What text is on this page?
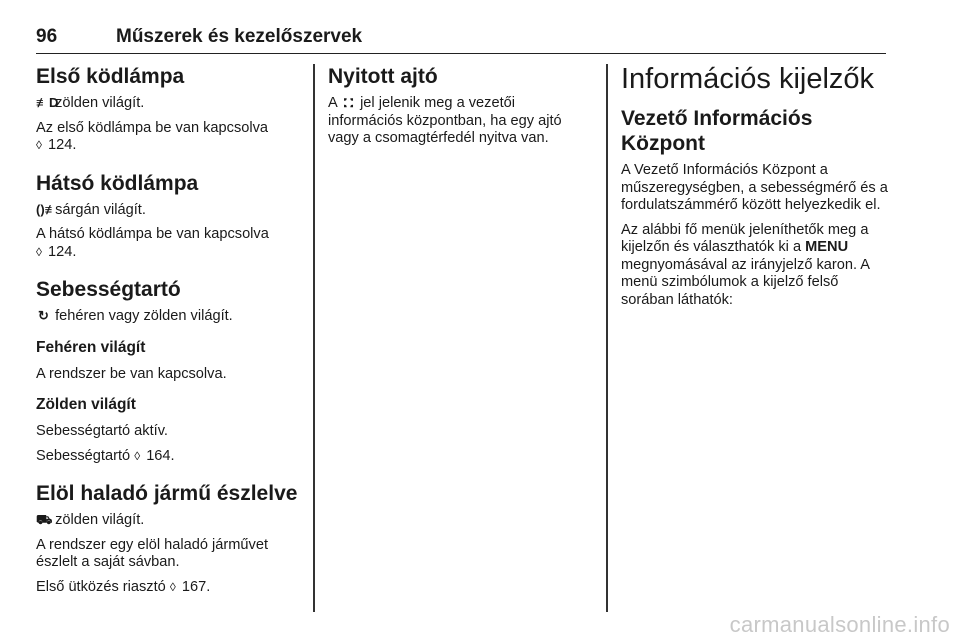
96	Műszerek és kezelőszervek
Első ködlámpa

≢D zölden világít.

Az első ködlámpa be van kapcsolva
◊ 124.

Hátsó ködlámpa

()≢ sárgán világít.

A hátsó ködlámpa be van kapcsolva
◊ 124.

Sebességtartó

↻ fehéren vagy zölden világít.

Fehéren világít

A rendszer be van kapcsolva.

Zölden világít

Sebességtartó aktív.

Sebességtartó ◊ 164.

Elöl haladó jármű észlelve

⛟ zölden világít.

A rendszer egy elöl haladó járművet észlelt a saját sávban.

Első ütközés riasztó ◊ 167.

Nyitott ajtó

A ⛚ jel jelenik meg a vezetői információs központban, ha egy ajtó vagy a csomagtérfedél nyitva van.

Információs kijelzők
Vezető Információs Központ

A Vezető Információs Központ a műszeregységben, a sebességmérő és a fordulatszámmérő között helyezkedik el.

Az alábbi fő menük jeleníthetők meg a kijelzőn és választhatók ki a MENU megnyomásával az irányjelző karon. A menü szimbólumok a kijelző felső sorában láthatók:

carmanualsonline.info
